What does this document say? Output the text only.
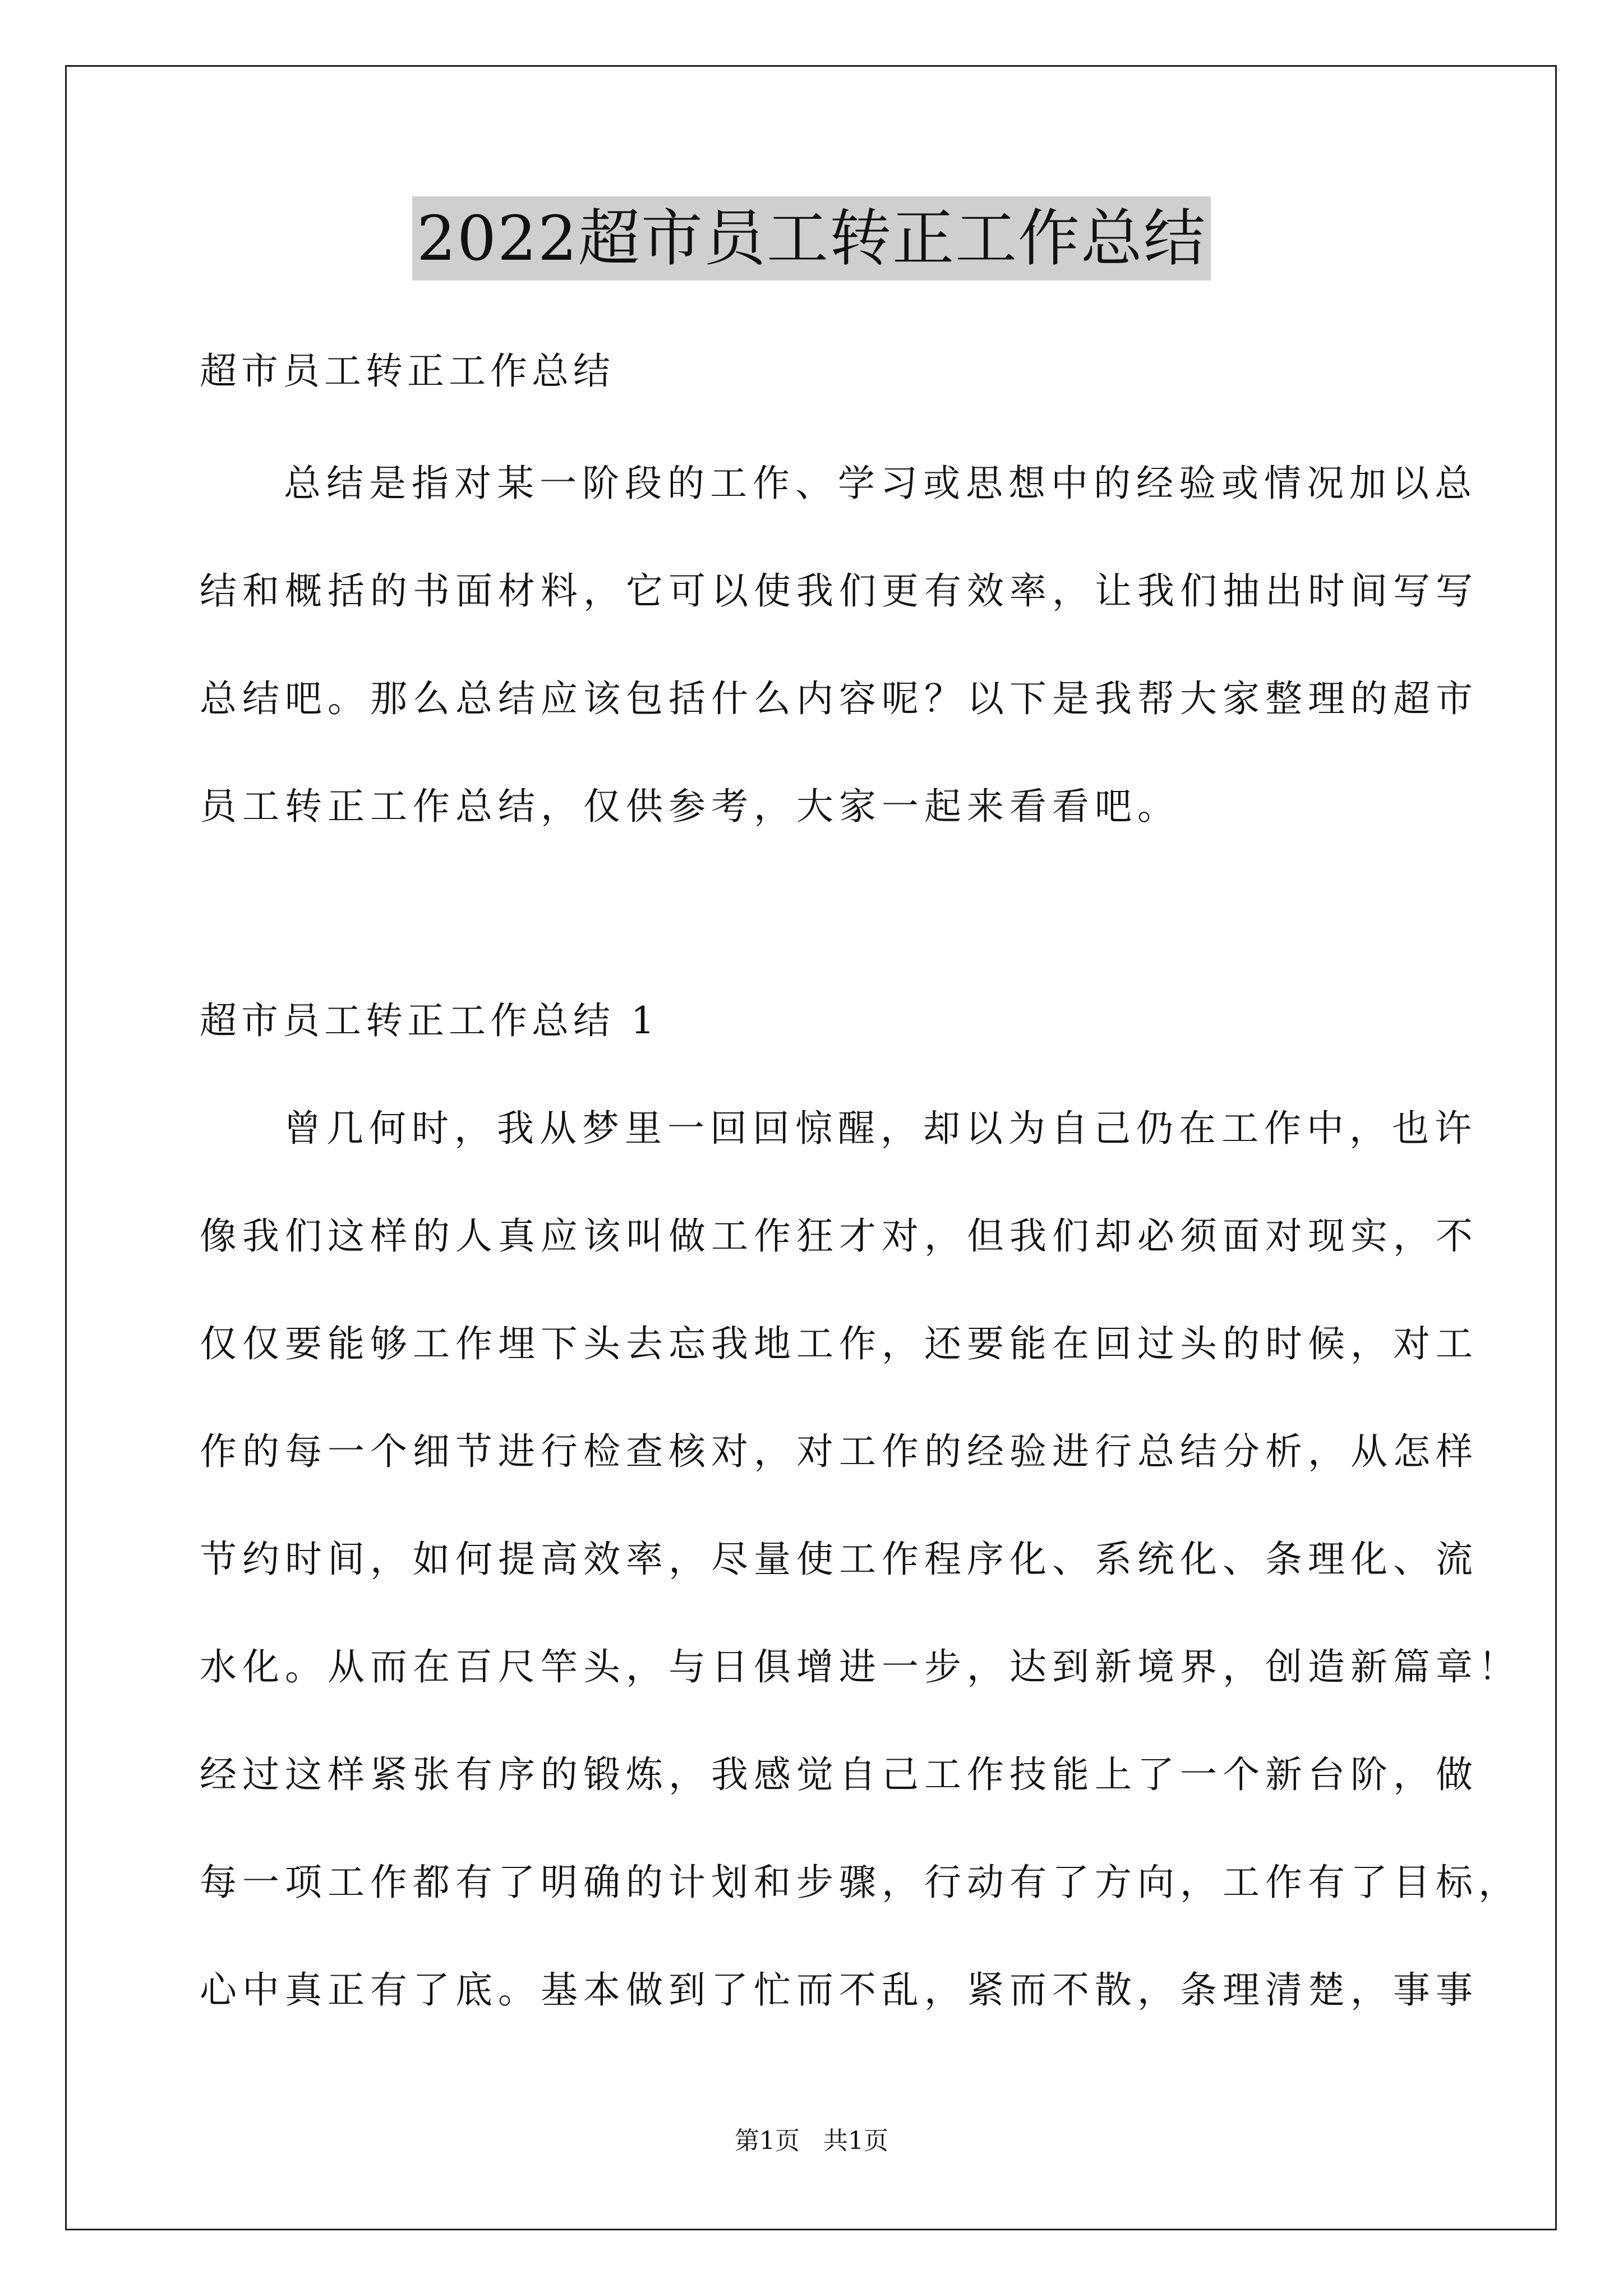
2022超市员工转正工作总结

超市员工转正工作总结

总结是指对某一阶段的工作、学习或思想中的经验或情况加以总

结和概括的书面材料，它可以使我们更有效率，让我们抽出时间写写

总结吧。那么总结应该包括什么内容呢？以下是我帮大家整理的超市

员工转正工作总结，仅供参考，大家一起来看看吧。

超市员工转正工作总结 1

曾几何时，我从梦里一回回惊醒，却以为自己仍在工作中，也许

像我们这样的人真应该叫做工作狂才对，但我们却必须面对现实，不

仅仅要能够工作埋下头去忘我地工作，还要能在回过头的时候，对工

作的每一个细节进行检查核对，对工作的经验进行总结分析，从怎样

节约时间，如何提高效率，尽量使工作程序化、系统化、条理化、流

水化。从而在百尺竿头，与日俱增进一步，达到新境界，创造新篇章！

经过这样紧张有序的锻炼，我感觉自己工作技能上了一个新台阶，做

每一项工作都有了明确的计划和步骤，行动有了方向，工作有了目标，

心中真正有了底。基本做到了忙而不乱，紧而不散，条理清楚，事事

第1页   共1页
